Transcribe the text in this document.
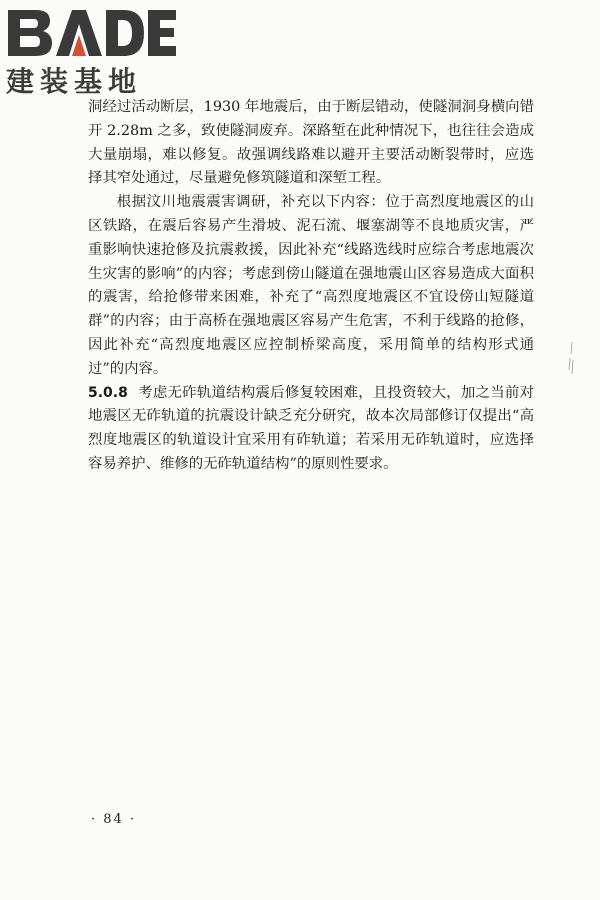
建装基地

洞经过活动断层，1930 年地震后，由于断层错动，使隧洞洞身横向错开 2.28m 之多，致使隧洞废弃。深路堑在此种情况下，也往往会造成大量崩塌，难以修复。故强调线路难以避开主要活动断裂带时，应选择其窄处通过，尽量避免修筑隧道和深堑工程。

根据汶川地震震害调研，补充以下内容：位于高烈度地震区的山区铁路，在震后容易产生滑坡、泥石流、堰塞湖等不良地质灾害，严重影响快速抢修及抗震救援，因此补充“线路选线时应综合考虑地震次生灾害的影响”的内容；考虑到傍山隧道在强地震山区容易造成大面积的震害，给抢修带来困难，补充了“高烈度地震区不宜设傍山短隧道群”的内容；由于高桥在强地震区容易产生危害，不利于线路的抢修，因此补充“高烈度地震区应控制桥梁高度，采用简单的结构形式通过”的内容。

5.0.8 考虑无砟轨道结构震后修复较困难，且投资较大，加之当前对地震区无砟轨道的抗震设计缺乏充分研究，故本次局部修订仅提出“高烈度地震区的轨道设计宜采用有砟轨道；若采用无砟轨道时，应选择容易养护、维修的无砟轨道结构”的原则性要求。

· 84 ·
